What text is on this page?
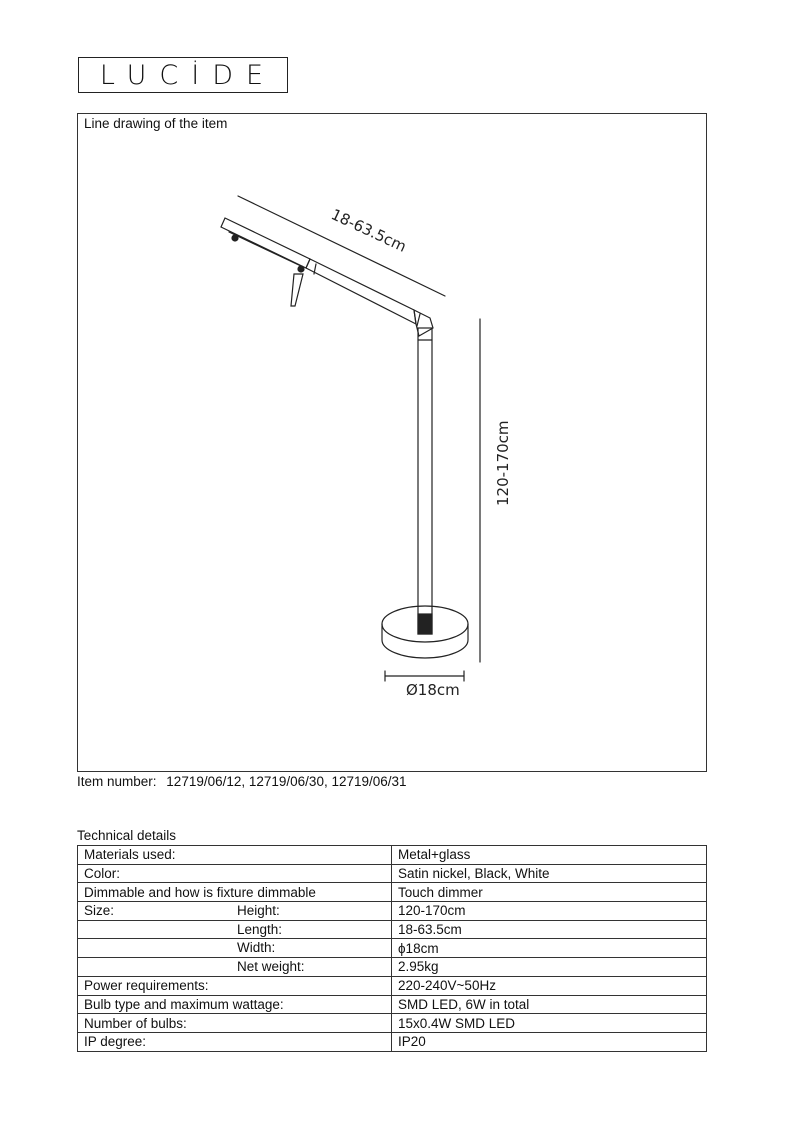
LUCİDE
Line drawing of the item
18-63.5cm
120-170cm
Ø18cm
Item number: 12719/06/12, 12719/06/30, 12719/06/31
Technical details
Materials used:	Metal+glass
Color:	Satin nickel, Black, White
Dimmable and how is fixture dimmable	Touch dimmer
Size: Height:	120-170cm

Length:	18-63.5cm

Width:	ϕ18cm

Net weight:	2.95kg
Power requirements:	220-240V~50Hz
Bulb type and maximum wattage:	SMD LED, 6W in total
Number of bulbs:	15x0.4W SMD LED
IP degree:	IP20
